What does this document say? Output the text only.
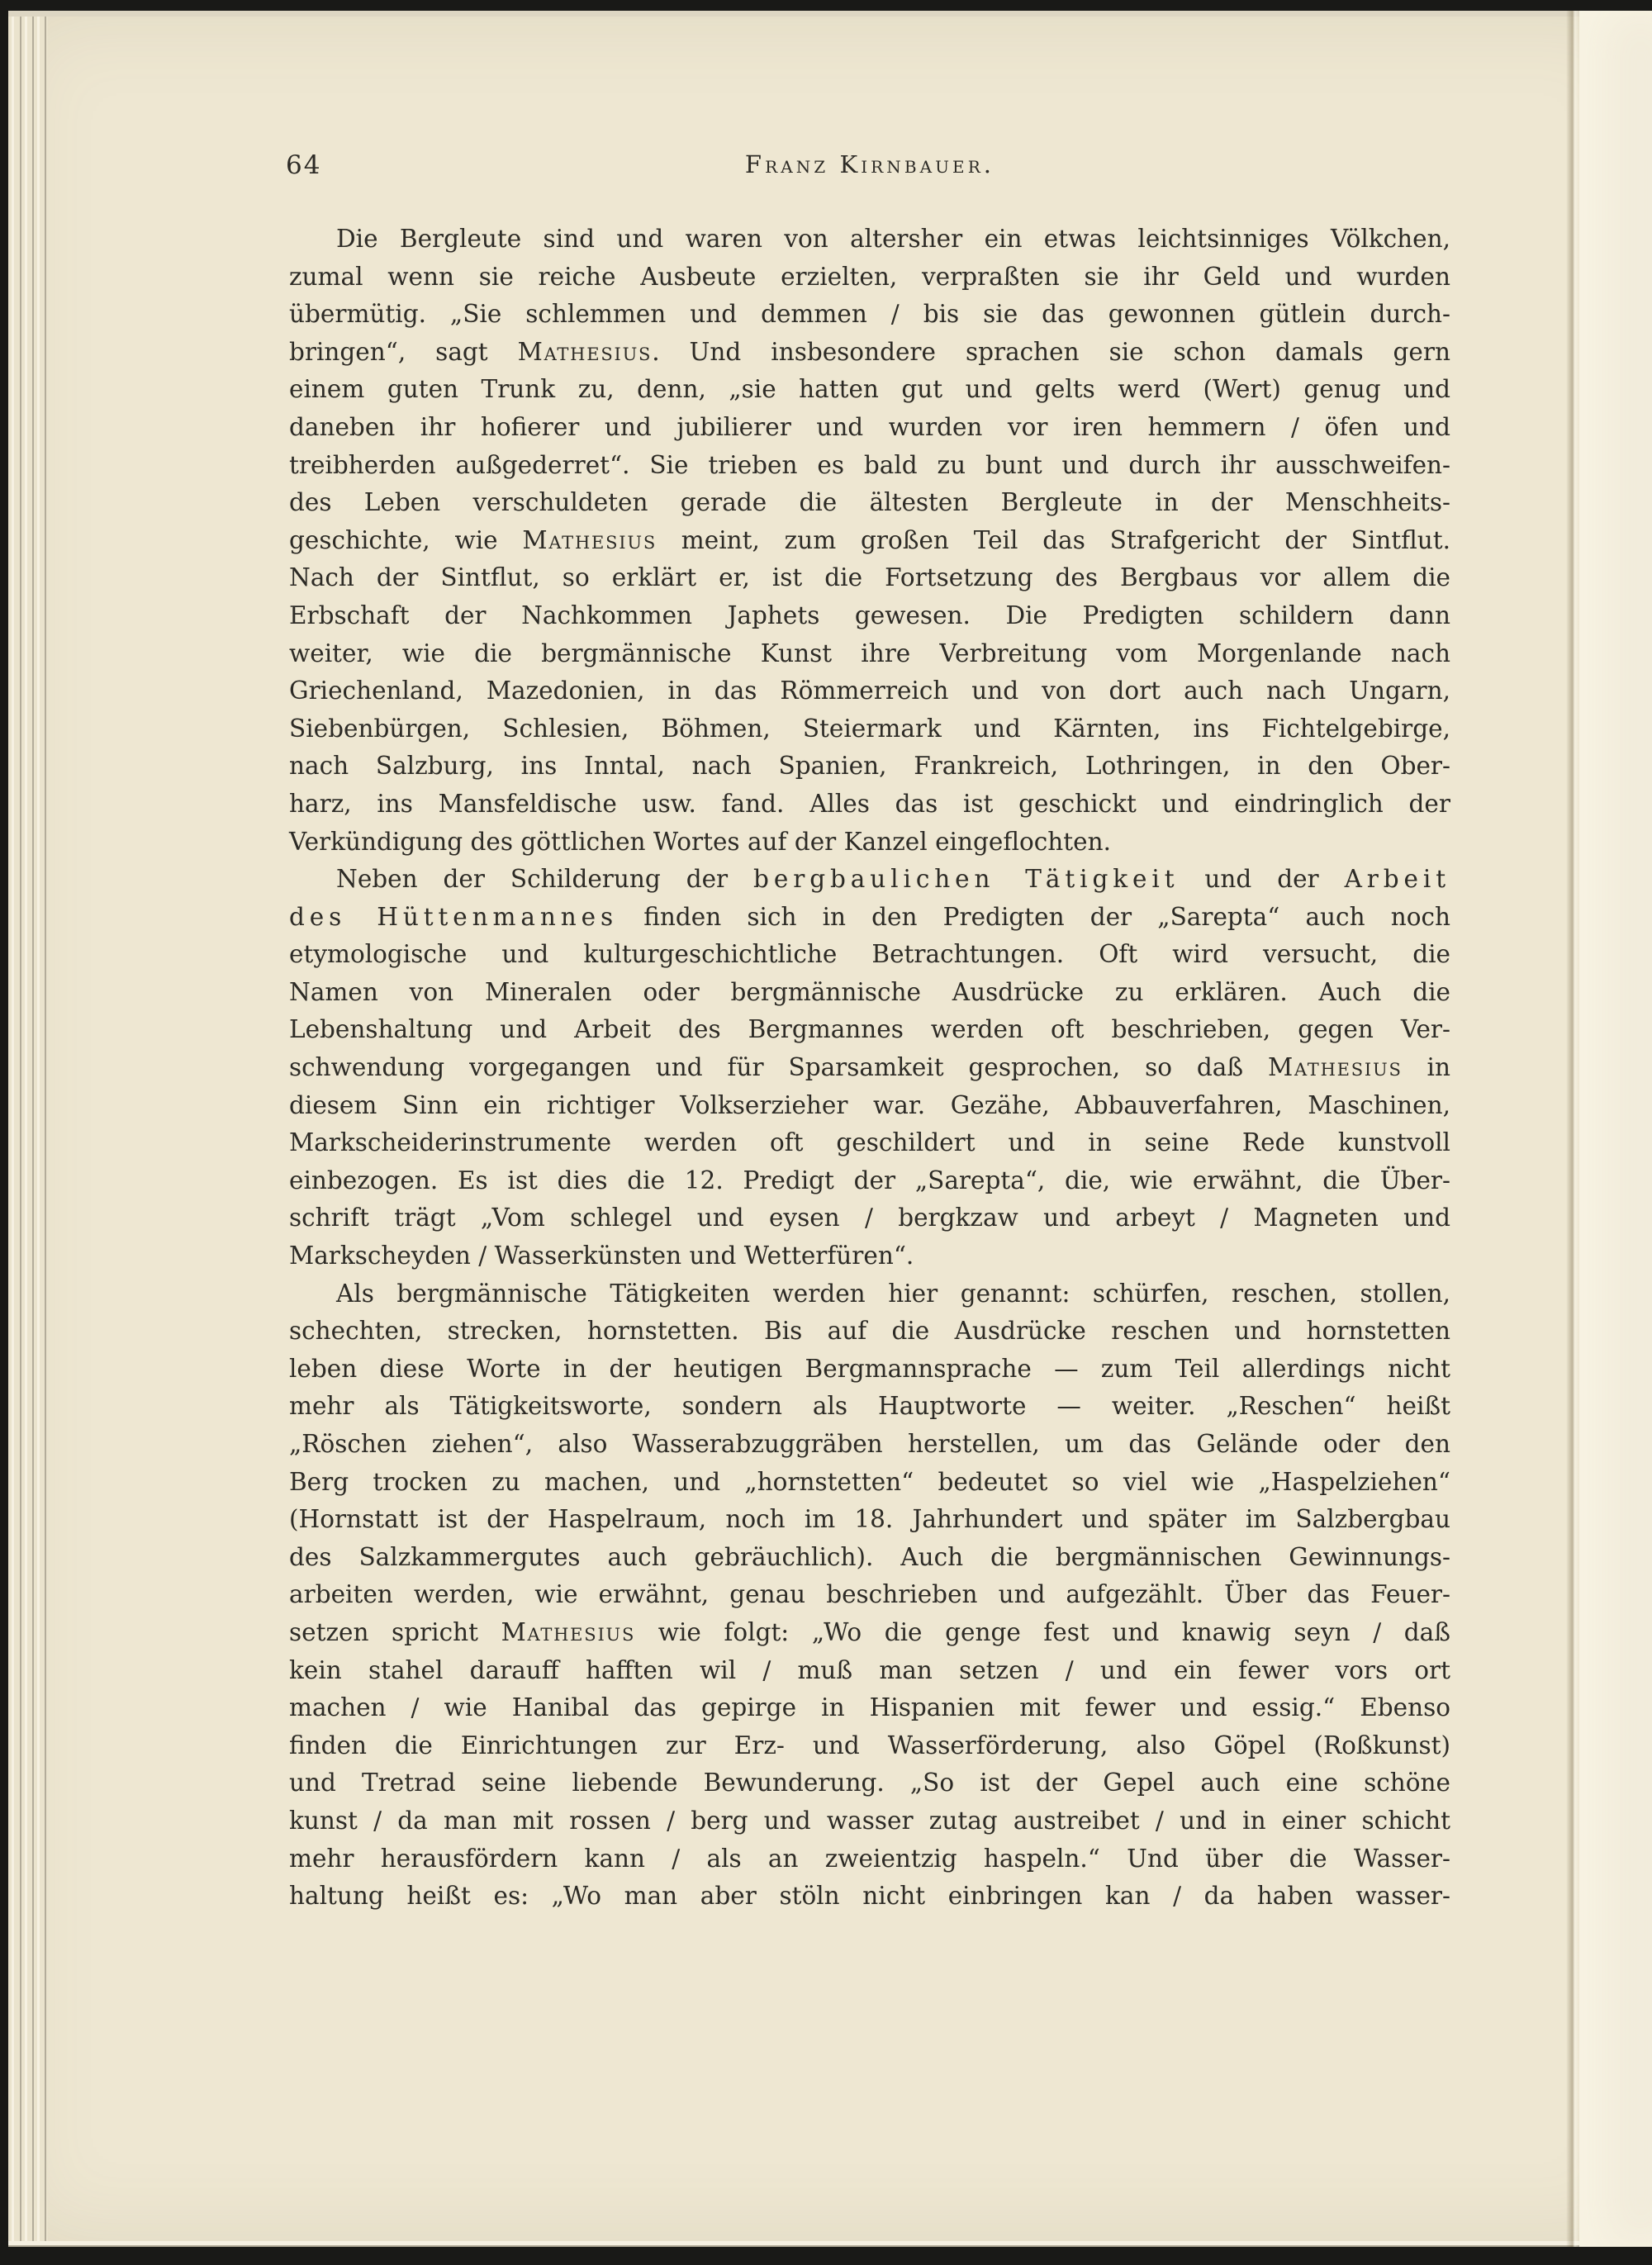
64	Franz Kirnbauer.
Die Bergleute sind und waren von altersher ein etwas leichtsinniges Völkchen,
zumal wenn sie reiche Ausbeute erzielten, verpraßten sie ihr Geld und wurden
übermütig. „Sie schlemmen und demmen / bis sie das gewonnen gütlein durch-
bringen“, sagt Mathesius. Und insbesondere sprachen sie schon damals gern
einem guten Trunk zu, denn, „sie hatten gut und gelts werd (Wert) genug und
daneben ihr hofierer und jubilierer und wurden vor iren hemmern / öfen und
treibherden außgederret“. Sie trieben es bald zu bunt und durch ihr ausschweifen-
des Leben verschuldeten gerade die ältesten Bergleute in der Menschheits-
geschichte, wie Mathesius meint, zum großen Teil das Strafgericht der Sintflut.
Nach der Sintflut, so erklärt er, ist die Fortsetzung des Bergbaus vor allem die
Erbschaft der Nachkommen Japhets gewesen. Die Predigten schildern dann
weiter, wie die bergmännische Kunst ihre Verbreitung vom Morgenlande nach
Griechenland, Mazedonien, in das Römmerreich und von dort auch nach Ungarn,
Siebenbürgen, Schlesien, Böhmen, Steiermark und Kärnten, ins Fichtelgebirge,
nach Salzburg, ins Inntal, nach Spanien, Frankreich, Lothringen, in den Ober-
harz, ins Mansfeldische usw. fand. Alles das ist geschickt und eindringlich der
Verkündigung des göttlichen Wortes auf der Kanzel eingeflochten.
Neben der Schilderung der bergbaulichen Tätigkeit und der Arbeit
des Hüttenmannes finden sich in den Predigten der „Sarepta“ auch noch
etymologische und kulturgeschichtliche Betrachtungen. Oft wird versucht, die
Namen von Mineralen oder bergmännische Ausdrücke zu erklären. Auch die
Lebenshaltung und Arbeit des Bergmannes werden oft beschrieben, gegen Ver-
schwendung vorgegangen und für Sparsamkeit gesprochen, so daß Mathesius in
diesem Sinn ein richtiger Volkserzieher war. Gezähe, Abbauverfahren, Maschinen,
Markscheiderinstrumente werden oft geschildert und in seine Rede kunstvoll
einbezogen. Es ist dies die 12. Predigt der „Sarepta“, die, wie erwähnt, die Über-
schrift trägt „Vom schlegel und eysen / bergkzaw und arbeyt / Magneten und
Markscheyden / Wasserkünsten und Wetterfüren“.
Als bergmännische Tätigkeiten werden hier genannt: schürfen, reschen, stollen,
schechten, strecken, hornstetten. Bis auf die Ausdrücke reschen und hornstetten
leben diese Worte in der heutigen Bergmannsprache — zum Teil allerdings nicht
mehr als Tätigkeitsworte, sondern als Hauptworte — weiter. „Reschen“ heißt
„Röschen ziehen“, also Wasserabzuggräben herstellen, um das Gelände oder den
Berg trocken zu machen, und „hornstetten“ bedeutet so viel wie „Haspelziehen“
(Hornstatt ist der Haspelraum, noch im 18. Jahrhundert und später im Salzbergbau
des Salzkammergutes auch gebräuchlich). Auch die bergmännischen Gewinnungs-
arbeiten werden, wie erwähnt, genau beschrieben und aufgezählt. Über das Feuer-
setzen spricht Mathesius wie folgt: „Wo die genge fest und knawig seyn / daß
kein stahel darauff hafften wil / muß man setzen / und ein fewer vors ort
machen / wie Hanibal das gepirge in Hispanien mit fewer und essig.“ Ebenso
finden die Einrichtungen zur Erz- und Wasserförderung, also Göpel (Roßkunst)
und Tretrad seine liebende Bewunderung. „So ist der Gepel auch eine schöne
kunst / da man mit rossen / berg und wasser zutag austreibet / und in einer schicht
mehr herausfördern kann / als an zweientzig haspeln.“ Und über die Wasser-
haltung heißt es: „Wo man aber stöln nicht einbringen kan / da haben wasser-
